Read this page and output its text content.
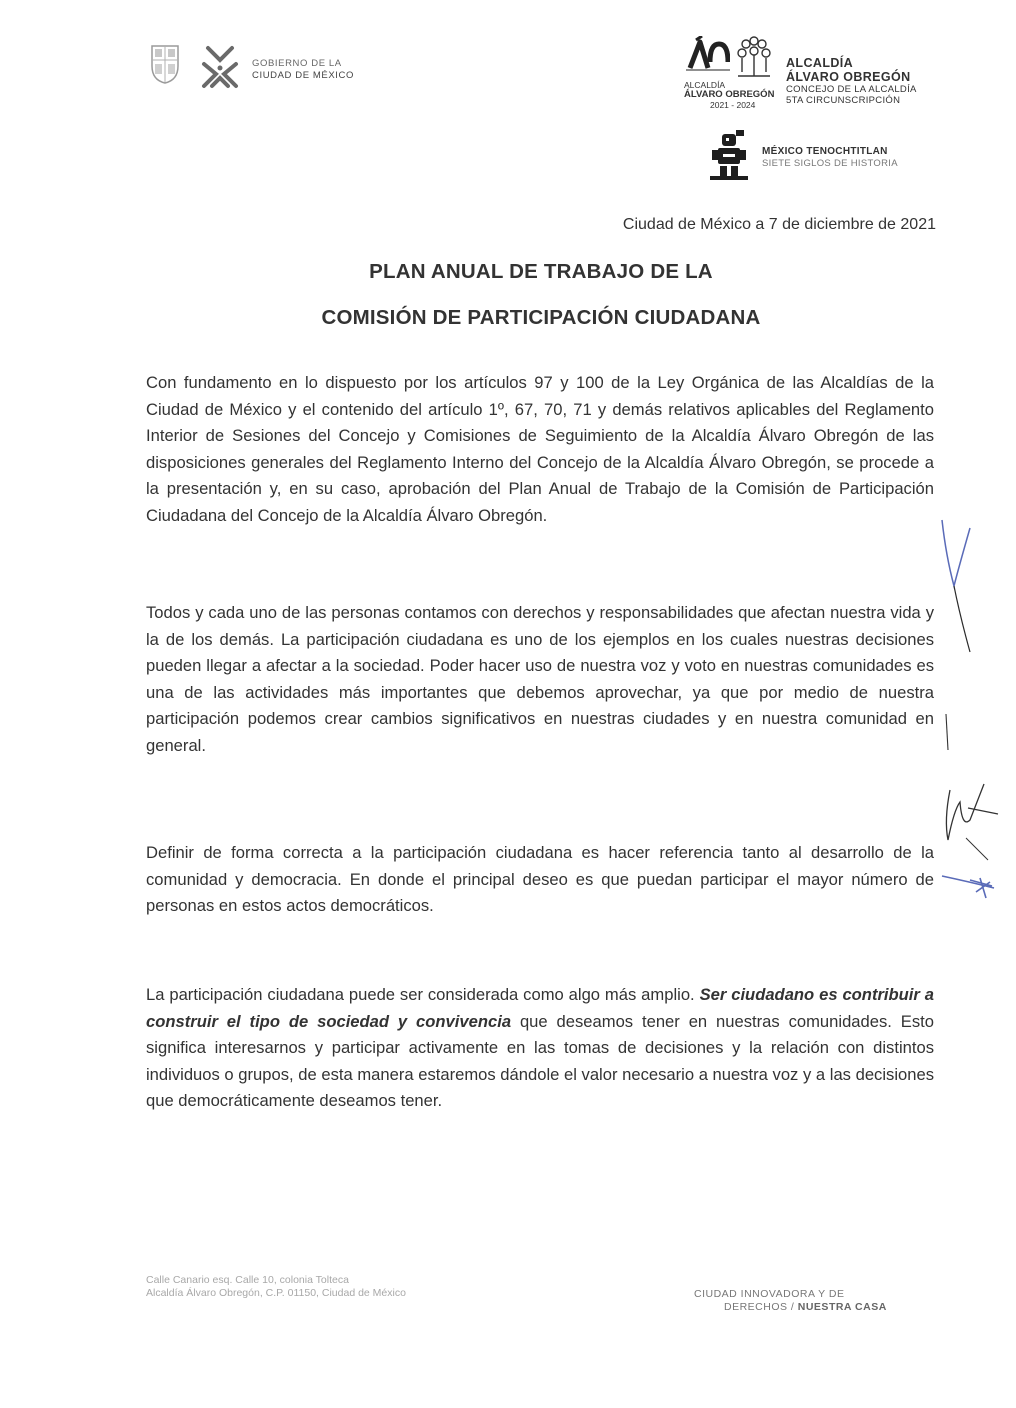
GOBIERNO DE LA
CIUDAD DE MÉXICO
ALCALDÍA
ÁLVARO OBREGÓN
2021 - 2024
ALCALDÍA
ÁLVARO OBREGÓN
CONCEJO DE LA ALCALDÍA
5TA CIRCUNSCRIPCIÓN
MÉXICO TENOCHTITLAN
SIETE SIGLOS DE HISTORIA
Ciudad de México a 7 de diciembre de 2021
PLAN ANUAL DE TRABAJO DE LA
COMISIÓN DE PARTICIPACIÓN CIUDADANA
Con fundamento en lo dispuesto por los artículos 97 y 100 de la Ley Orgánica de las Alcaldías de la Ciudad de México y el contenido del artículo 1º, 67, 70, 71 y demás relativos aplicables del Reglamento Interior de Sesiones del Concejo y Comisiones de Seguimiento de la Alcaldía Álvaro Obregón de las disposiciones generales del Reglamento Interno del Concejo de la Alcaldía Álvaro Obregón, se procede a la presentación y, en su caso, aprobación del Plan Anual de Trabajo de la Comisión de Participación Ciudadana del Concejo de la Alcaldía Álvaro Obregón.
Todos y cada uno de las personas contamos con derechos y responsabilidades que afectan nuestra vida y la de los demás. La participación ciudadana es uno de los ejemplos en los cuales nuestras decisiones pueden llegar a afectar a la sociedad. Poder hacer uso de nuestra voz y voto en nuestras comunidades es una de las actividades más importantes que debemos aprovechar, ya que por medio de nuestra participación podemos crear cambios significativos en nuestras ciudades y en nuestra comunidad en general.
Definir de forma correcta a la participación ciudadana es hacer referencia tanto al desarrollo de la comunidad y democracia. En donde el principal deseo es que puedan participar el mayor número de personas en estos actos democráticos.
La participación ciudadana puede ser considerada como algo más amplio. Ser ciudadano es contribuir a construir el tipo de sociedad y convivencia que deseamos tener en nuestras comunidades. Esto significa interesarnos y participar activamente en las tomas de decisiones y la relación con distintos individuos o grupos, de esta manera estaremos dándole el valor necesario a nuestra voz y a las decisiones que democráticamente deseamos tener.
Calle Canario esq. Calle 10, colonia Tolteca
Alcaldía Álvaro Obregón, C.P. 01150, Ciudad de México	CIUDAD INNOVADORA Y DE
DERECHOS / NUESTRA CASA
